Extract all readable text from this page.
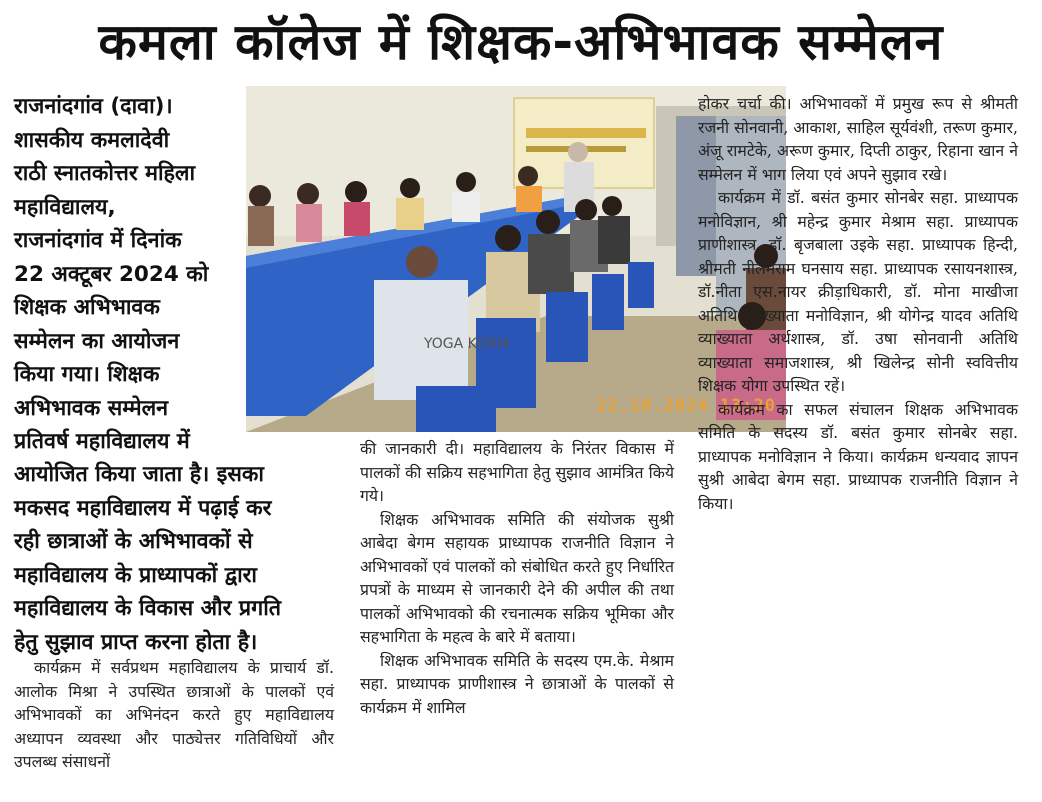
कमला कॉलेज में शिक्षक-अभिभावक सम्मेलन

राजनांदगांव (दावा)।

शासकीय कमलादेवी

राठी स्नातकोत्तर महिला

महाविद्यालय,

राजनांदगांव में दिनांक

22 अक्टूबर 2024 को

शिक्षक अभिभावक

सम्मेलन का आयोजन

किया गया। शिक्षक

अभिभावक सम्मेलन

प्रतिवर्ष महाविद्यालय में

आयोजित किया जाता है। इसका

मकसद महाविद्यालय में पढ़ाई कर

रही छात्राओं के अभिभावकों से

महाविद्यालय के प्राध्यापकों द्वारा

महाविद्यालय के विकास और प्रगति

हेतु सुझाव प्राप्त करना होता है।

YOGA KDRM
22.10.2024 13:20

कार्यक्रम में सर्वप्रथम महाविद्यालय के प्राचार्य डॉ. आलोक मिश्रा ने उपस्थित छात्राओं के पालकों एवं अभिभावकों का अभिनंदन करते हुए महाविद्यालय अध्यापन व्यवस्था और पाठ्येत्तर गतिविधियों और उपलब्ध संसाधनों

की जानकारी दी। महाविद्यालय के निरंतर विकास में पालकों की सक्रिय सहभागिता हेतु सुझाव आमंत्रित किये गये।

शिक्षक अभिभावक समिति की संयोजक सुश्री आबेदा बेगम सहायक प्राध्यापक राजनीति विज्ञान ने अभिभावकों एवं पालकों को संबोधित करते हुए निर्धारित प्रपत्रों के माध्यम से जानकारी देने की अपील की तथा पालकों अभिभावको की रचनात्मक सक्रिय भूमिका और सहभागिता के महत्व के बारे में बताया।

शिक्षक अभिभावक समिति के सदस्य एम.के. मेश्राम सहा. प्राध्यापक प्राणीशास्त्र ने छात्राओं के पालकों से कार्यक्रम में शामिल

होकर चर्चा की। अभिभावकों में प्रमुख रूप से श्रीमती रजनी सोनवानी, आकाश, साहिल सूर्यवंशी, तरूण कुमार, अंजू रामटेके, अरूण कुमार, दिप्ती ठाकुर, रिहाना खान ने सम्मेलन में भाग लिया एवं अपने सुझाव रखे।

कार्यक्रम में डॉ. बसंत कुमार सोनबेर सहा. प्राध्यापक मनोविज्ञान, श्री महेन्द्र कुमार मेश्राम सहा. प्राध्यापक प्राणीशास्त्र, डॉ. बृजबाला उइके सहा. प्राध्यापक हिन्दी, श्रीमती नीलमराम घनसाय सहा. प्राध्यापक रसायनशास्त्र, डॉ.नीता एस.नायर क्रीड़ाधिकारी, डॉ. मोना माखीजा अतिथि व्याख्याता मनोविज्ञान, श्री योगेन्द्र यादव अतिथि व्याख्याता अर्थशास्त्र, डॉ. उषा सोनवानी अतिथि व्याख्याता समाजशास्त्र, श्री खिलेन्द्र सोनी स्ववित्तीय शिक्षक योगा उपस्थित रहें।

कार्यक्रम का सफल संचालन शिक्षक अभिभावक समिति के सदस्य डॉ. बसंत कुमार सोनबेर सहा. प्राध्यापक मनोविज्ञान ने किया। कार्यक्रम धन्यवाद ज्ञापन सुश्री आबेदा बेगम सहा. प्राध्यापक राजनीति विज्ञान ने किया।
